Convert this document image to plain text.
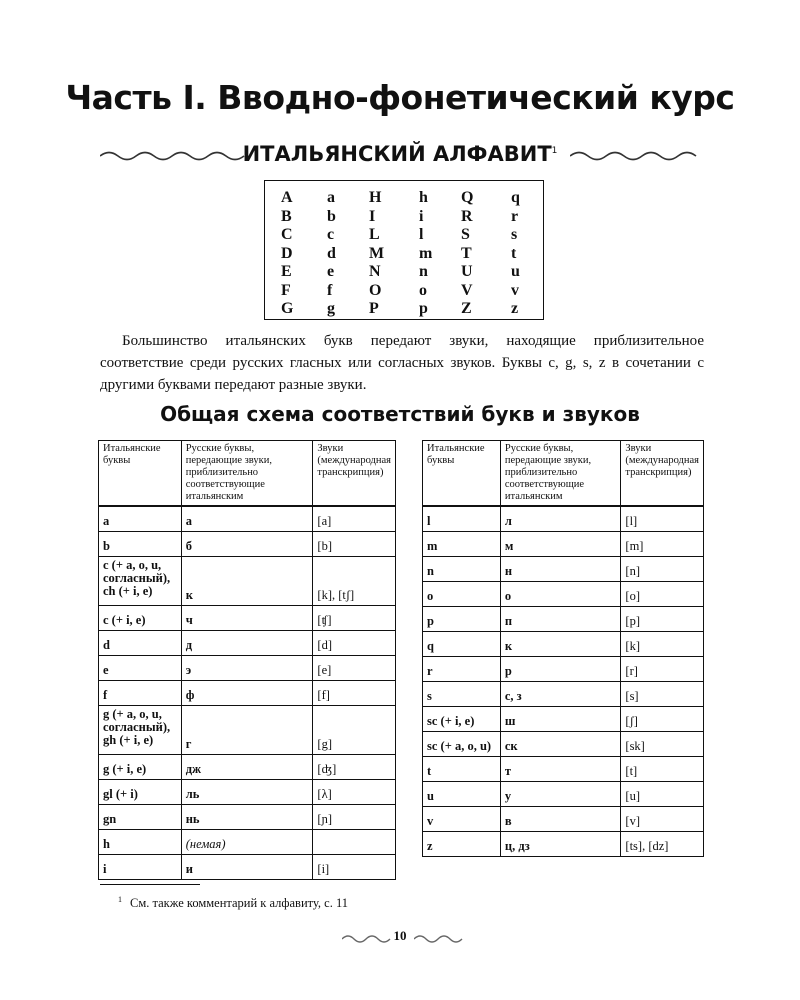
Часть I. Вводно-фонетический курс
ИТАЛЬЯНСКИЙ АЛФАВИТ$^1$
A	a	H	h	Q	q
B	b	I	i	R	r
C	c	L	l	S	s
D	d	M	m	T	t
E	e	N	n	U	u
F	f	O	o	V	v
G	g	P	p	Z	z

Большинство итальянских букв передают звуки, находящие приблизительное соответствие среди русских гласных или согласных звуков. Буквы c, g, s, z в сочетании с другими буквами передают разные звуки.

Общая схема соответствий букв и звуков
Итальянские буквы	Русские буквы, передающие звуки, приблизительно соответствующие итальянским	Звуки (международная транскрипция)
a	а	[a]
b	б	[b]
c (+ a, o, u, согласный), ch (+ i, e)	к	[k], [tʃ]
c (+ i, e)	ч	[ʧ]
d	д	[d]
e	э	[e]
f	ф	[f]
g (+ a, o, u, согласный), gh (+ i, e)	г	[g]
g (+ i, e)	дж	[ʤ]
gl (+ i)	ль	[λ]
gn	нь	[ɲ]
h	(немая)	
i	и	[i]
Итальянские буквы	Русские буквы, передающие звуки, приблизительно соответствующие итальянским	Звуки (международная транскрипция)
l	л	[l]
m	м	[m]
n	н	[n]
o	о	[o]
p	п	[p]
q	к	[k]
r	р	[r]
s	с, з	[s]
sc (+ i, e)	ш	[ʃ]
sc (+ a, o, u)	ск	[sk]
t	т	[t]
u	у	[u]
v	в	[v]
z	ц, дз	[ts], [dz]
$^1$ См. также комментарий к алфавиту, с. 11
10
